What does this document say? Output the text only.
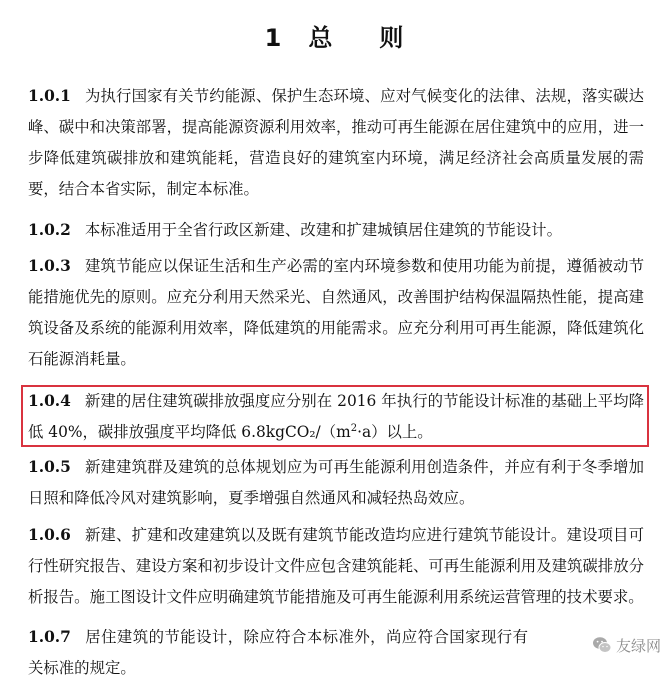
1 总 则
1.0.1 为执行国家有关节约能源、保护生态环境、应对气候变化的法律、法规，落实碳达峰、碳中和决策部署，提高能源资源利用效率，推动可再生能源在居住建筑中的应用，进一步降低建筑碳排放和建筑能耗，营造良好的建筑室内环境，满足经济社会高质量发展的需要，结合本省实际，制定本标准。
1.0.2 本标准适用于全省行政区新建、改建和扩建城镇居住建筑的节能设计。
1.0.3 建筑节能应以保证生活和生产必需的室内环境参数和使用功能为前提，遵循被动节能措施优先的原则。应充分利用天然采光、自然通风，改善围护结构保温隔热性能，提高建筑设备及系统的能源利用效率，降低建筑的用能需求。应充分利用可再生能源，降低建筑化石能源消耗量。
1.0.4 新建的居住建筑碳排放强度应分别在 2016 年执行的节能设计标准的基础上平均降低 40%，碳排放强度平均降低 $6.8kgCO_2/(m^2\cdot a)$以上。
1.0.5 新建建筑群及建筑的总体规划应为可再生能源利用创造条件，并应有利于冬季增加日照和降低冷风对建筑影响，夏季增强自然通风和减轻热岛效应。
1.0.6 新建、扩建和改建建筑以及既有建筑节能改造均应进行建筑节能设计。建设项目可行性研究报告、建设方案和初步设计文件应包含建筑能耗、可再生能源利用及建筑碳排放分析报告。施工图设计文件应明确建筑节能措施及可再生能源利用系统运营管理的技术要求。
1.0.7 居住建筑的节能设计，除应符合本标准外，尚应符合国家现行有关标准的规定。
友绿网
